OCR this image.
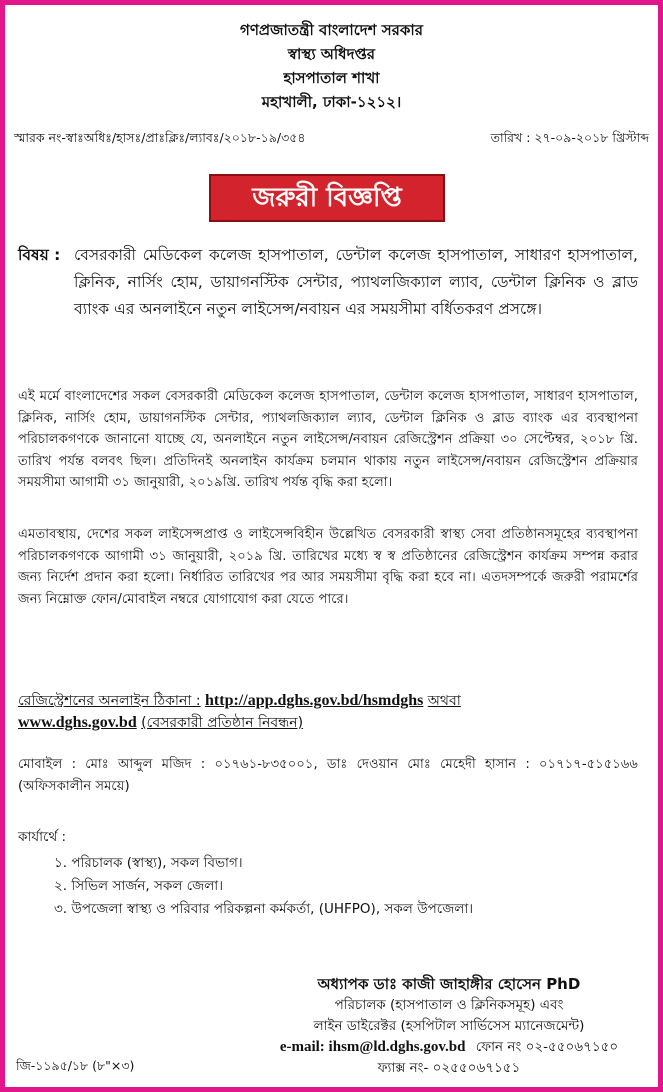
গণপ্রজাতন্ত্রী বাংলাদেশ সরকার
স্বাস্থ্য অধিদপ্তর
হাসপাতাল শাখা
মহাখালী, ঢাকা-১২১২।
স্মারক নং-স্বাঃঅধিঃ/হাসঃ/প্রাঃক্লিঃ/ল্যাবঃ/২০১৮-১৯/৩৫৪	তারিখ : ২৭-০৯-২০১৮ খ্রিস্টাব্দ
জরুরী বিজ্ঞপ্তি
বিষয় : বেসরকারী মেডিকেল কলেজ হাসপাতাল, ডেন্টাল কলেজ হাসপাতাল, সাধারণ হাসপাতাল, ক্লিনিক, নার্সিং হোম, ডায়াগনস্টিক সেন্টার, প্যাথলজিক্যাল ল্যাব, ডেন্টাল ক্লিনিক ও ব্লাড ব্যাংক এর অনলাইনে নতুন লাইসেন্স/নবায়ন এর সময়সীমা বর্ধিতকরণ প্রসঙ্গে।
এই মর্মে বাংলাদেশের সকল বেসরকারী মেডিকেল কলেজ হাসপাতাল, ডেন্টাল কলেজ হাসপাতাল, সাধারণ হাসপাতাল, ক্লিনিক, নার্সিং হোম, ডায়াগনস্টিক সেন্টার, প্যাথলজিক্যাল ল্যাব, ডেন্টাল ক্লিনিক ও ব্লাড ব্যাংক এর ব্যবস্থাপনা পরিচালকগণকে জানানো যাচ্ছে যে, অনলাইনে নতুন লাইসেন্স/নবায়ন রেজিস্ট্রেশন প্রক্রিয়া ৩০ সেপ্টেম্বর, ২০১৮ খ্রি. তারিখ পর্যন্ত বলবৎ ছিল। প্রতিদিনই অনলাইন কার্যক্রম চলমান থাকায় নতুন লাইসেন্স/নবায়ন রেজিস্ট্রেশন প্রক্রিয়ার সময়সীমা আগামী ৩১ জানুয়ারী, ২০১৯খ্রি. তারিখ পর্যন্ত বৃদ্ধি করা হলো।
এমতাবস্থায়, দেশের সকল লাইসেন্সপ্রাপ্ত ও লাইসেন্সবিহীন উল্লেখিত বেসরকারী স্বাস্থ্য সেবা প্রতিষ্ঠানসমূহের ব্যবস্থাপনা পরিচালকগণকে আগামী ৩১ জানুয়ারী, ২০১৯ খ্রি. তারিখের মধ্যে স্ব স্ব প্রতিষ্ঠানের রেজিস্ট্রেশন কার্যক্রম সম্পন্ন করার জন্য নির্দেশ প্রদান করা হলো। নির্ধারিত তারিখের পর আর সময়সীমা বৃদ্ধি করা হবে না। এতদসম্পর্কে জরুরী পরামর্শের জন্য নিম্নোক্ত ফোন/মোবাইল নম্বরে যোগাযোগ করা যেতে পারে।
রেজিস্ট্রেশনের অনলাইন ঠিকানা : http://app.dghs.gov.bd/hsmdghs অথবা
www.dghs.gov.bd (বেসরকারী প্রতিষ্ঠান নিবন্ধন)
মোবাইল : মোঃ আব্দুল মজিদ : ০১৭৬১-৮৩৫০০১, ডাঃ দেওয়ান মোঃ মেহেদী হাসান : ০১৭১৭-৫১৫১৬৬ (অফিসকালীন সময়ে)
কার্যার্থে :
১. পরিচালক (স্বাস্থ্য), সকল বিভাগ।
২. সিভিল সার্জন, সকল জেলা।
৩. উপজেলা স্বাস্থ্য ও পরিবার পরিকল্পনা কর্মকর্তা, (UHFPO), সকল উপজেলা।
অধ্যাপক ডাঃ কাজী জাহাঙ্গীর হোসেন PhD
পরিচালক (হাসপাতাল ও ক্লিনিকসমূহ) এবং
লাইন ডাইরেক্টর (হসপিটাল সার্ভিসেস ম্যানেজমেন্ট)
e-mail: ihsm@ld.dghs.gov.bd ফোন নং ০২-৫৫০৬৭১৫০
ফ্যাক্স নং- ০২৫৫০৬৭১৫১
জি-১১৯৫/১৮ (৮"×৩)
